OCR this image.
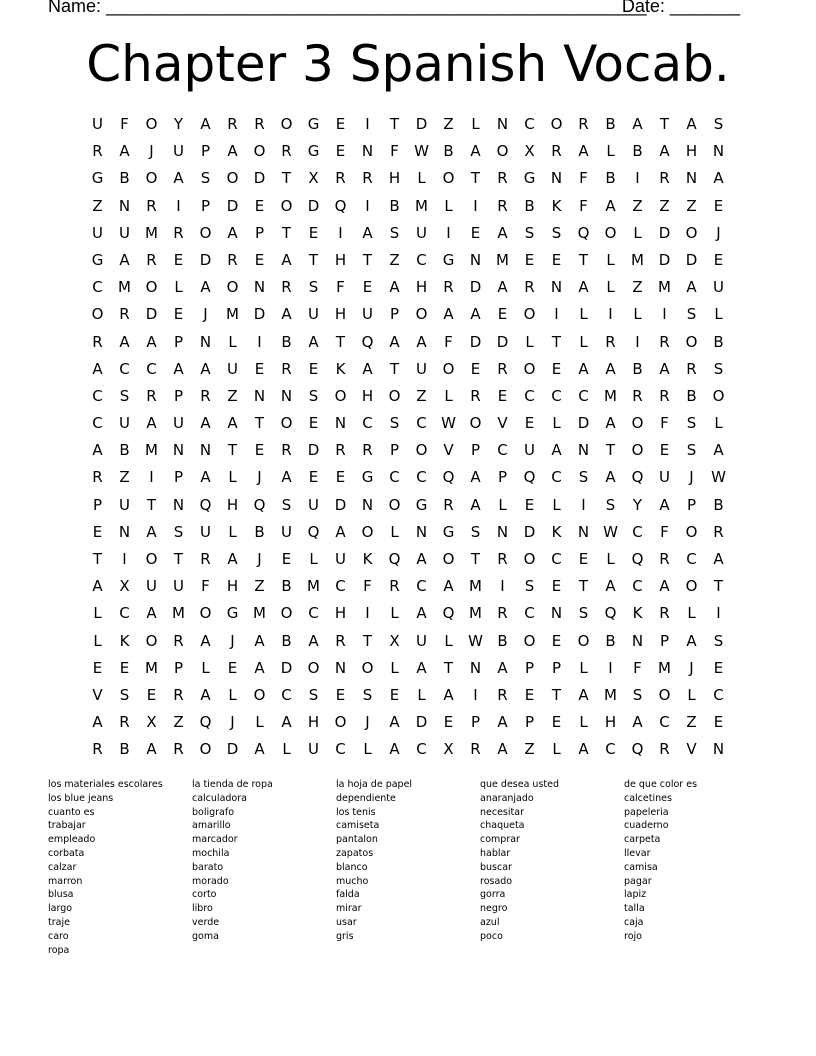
Name: ______________________________________________________
Date: _______
Chapter 3 Spanish Vocab.
U	F	O	Y	A	R	R	O	G	E	I	T	D	Z	L	N	C	O	R	B	A	T	A	S
R	A	J	U	P	A	O	R	G	E	N	F	W B	A	O	X	R	A	L	B	A	H	N
G	B	O	A	S	O	D	T	X	R	R	H	L	O	T	R	G	N	F	B	I	R	N	A
Z	N	R	I	P	D	E	O	D	Q	I	B	M	L	I	R	B	K	F	A	Z	Z	Z	E
U	U	M	R	O	A	P	T	E	I	A	S	U	I	E	A	S	S	Q	O	L	D	O	J
G	A	R	E	D	R	E	A	T	H	T	Z	C	G	N M	E	E	T	L	M D	D	E
C	M O	L	A	O	N	R	S	F	E	A	H	R	D	A	R	N	A	L	Z	M	A	U
O	R	D	E	J	M D	A	U	H	U	P	O	A	A	E	O	I	L	I	L	I	S	L
R	A	A	P	N	L	I	B	A	T	Q	A	A	F	D	D	L	T	L	R	I	R	O	B
A	C	C	A	A	U	E	R	E	K	A	T	U	O	E	R	O	E	A	A	B	A	R	S
C	S	R	P	R	Z	N	N	S	O	H	O	Z	L	R	E	C	C	C	M	R	R	B	O
C	U	A	U	A	A	T	O	E	N	C	S	C W O	V	E	L	D	A	O	F	S	L
A	B	M N	N	T	E	R	D	R	R	P	O	V	P	C	U	A	N	T	O	E	S	A
R	Z	I	P	A	L	J	A	E	E	G	C	C	Q	A	P	Q	C	S	A	Q	U	J	W
P	U	T	N	Q	H	Q	S	U	D	N	O	G	R	A	L	E	L	I	S	Y	A	P	B
E	N	A	S	U	L	B	U	Q	A	O	L	N	G	S	N	D	K	N W C	F	O	R
T	I	O	T	R	A	J	E	L	U	K	Q	A	O	T	R	O	C	E	L	Q	R	C	A
A	X	U	U	F	H	Z	B	M	C	F	R	C	A	M	I	S	E	T	A	C	A	O	T
L	C	A	M O	G M O	C	H	I	L	A	Q M	R	C	N	S	Q	K	R	L	I
L	K	O	R	A	J	A	B	A	R	T	X	U	L	W B	O	E	O	B	N	P	A	S
E	E	M	P	L	E	A	D	O	N	O	L	A	T	N	A	P	P	L	I	F	M	J	E
V	S	E	R	A	L	O	C	S	E	S	E	L	A	I	R	E	T	A	M	S	O	L	C
A	R	X	Z	Q	J	L	A	H	O	J	A	D	E	P	A	P	E	L	H	A	C	Z	E
R	B	A	R	O	D	A	L	U	C	L	A	C	X	R	A	Z	L	A	C	Q	R	V	N
los materiales escolares
los blue jeans
cuanto es
trabajar
empleado
corbata
calzar
marron
blusa
largo
traje
caro
ropa
la tienda de ropa
calculadora
boligrafo
amarillo
marcador
mochila
barato
morado
corto
libro
verde
goma
la hoja de papel
dependiente
los tenis
camiseta
pantalon
zapatos
blanco
mucho
falda
mirar
usar
gris
que desea usted
anaranjado
necesitar
chaqueta
comprar
hablar
buscar
rosado
gorra
negro
azul
poco
de que color es
calcetines
papeleria
cuaderno
carpeta
llevar
camisa
pagar
lapiz
talla
caja
rojo
